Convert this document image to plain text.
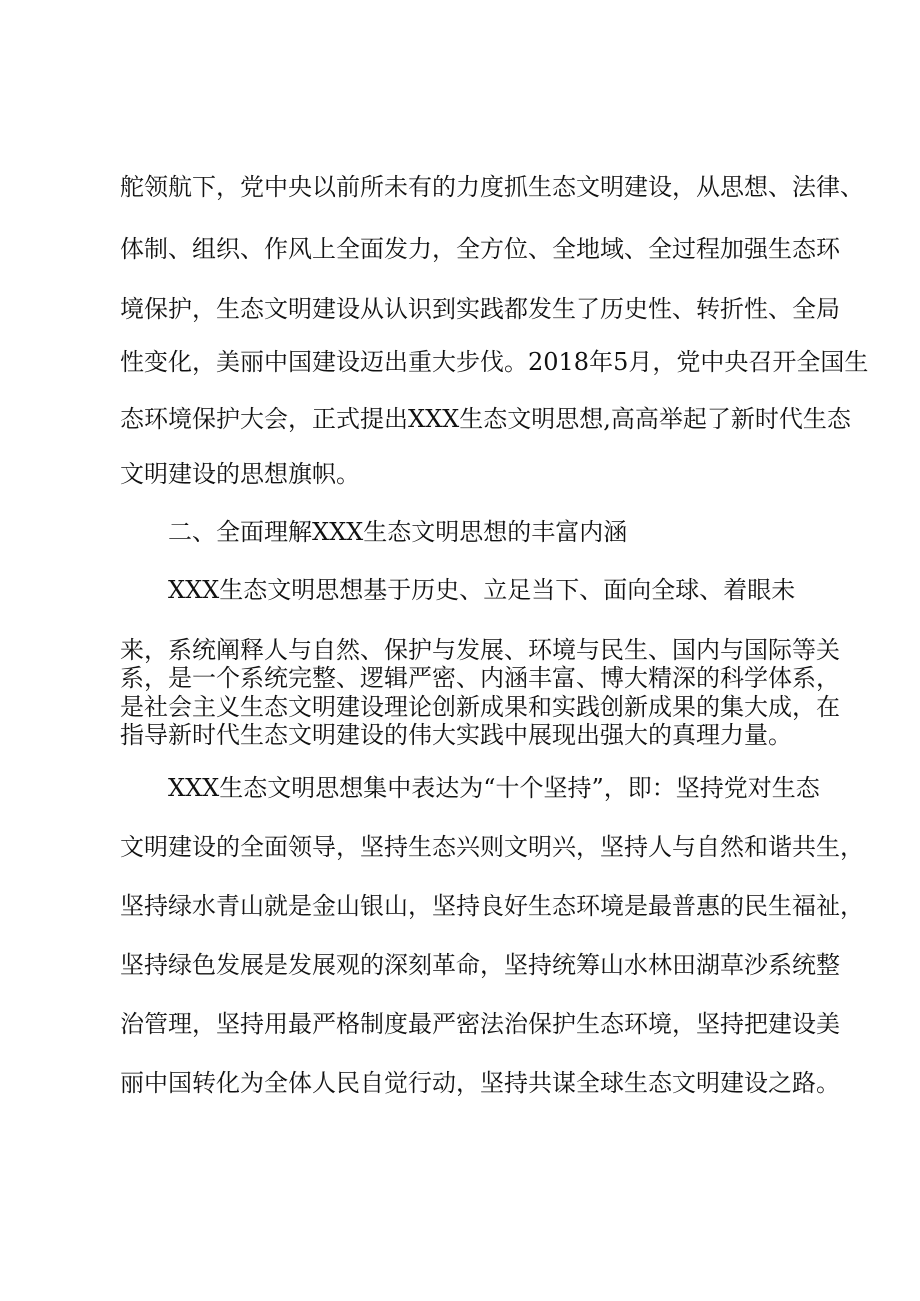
舵领航下，党中央以前所未有的力度抓生态文明建设，从思想、法律、
体制、组织、作风上全面发力，全方位、全地域、全过程加强生态环
境保护，生态文明建设从认识到实践都发生了历史性、转折性、全局
性变化，美丽中国建设迈出重大步伐。2018年5月，党中央召开全国生
态环境保护大会，正式提出XXX生态文明思想,高高举起了新时代生态
文明建设的思想旗帜。
二、全面理解XXX生态文明思想的丰富内涵
XXX生态文明思想基于历史、立足当下、面向全球、着眼未
来，系统阐释人与自然、保护与发展、环境与民生、国内与国际等关
系，是一个系统完整、逻辑严密、内涵丰富、博大精深的科学体系，
是社会主义生态文明建设理论创新成果和实践创新成果的集大成，在
指导新时代生态文明建设的伟大实践中展现出强大的真理力量。
XXX生态文明思想集中表达为“十个坚持”，即：坚持党对生态
文明建设的全面领导，坚持生态兴则文明兴，坚持人与自然和谐共生，
坚持绿水青山就是金山银山，坚持良好生态环境是最普惠的民生福祉，
坚持绿色发展是发展观的深刻革命，坚持统筹山水林田湖草沙系统整
治管理，坚持用最严格制度最严密法治保护生态环境，坚持把建设美
丽中国转化为全体人民自觉行动，坚持共谋全球生态文明建设之路。
